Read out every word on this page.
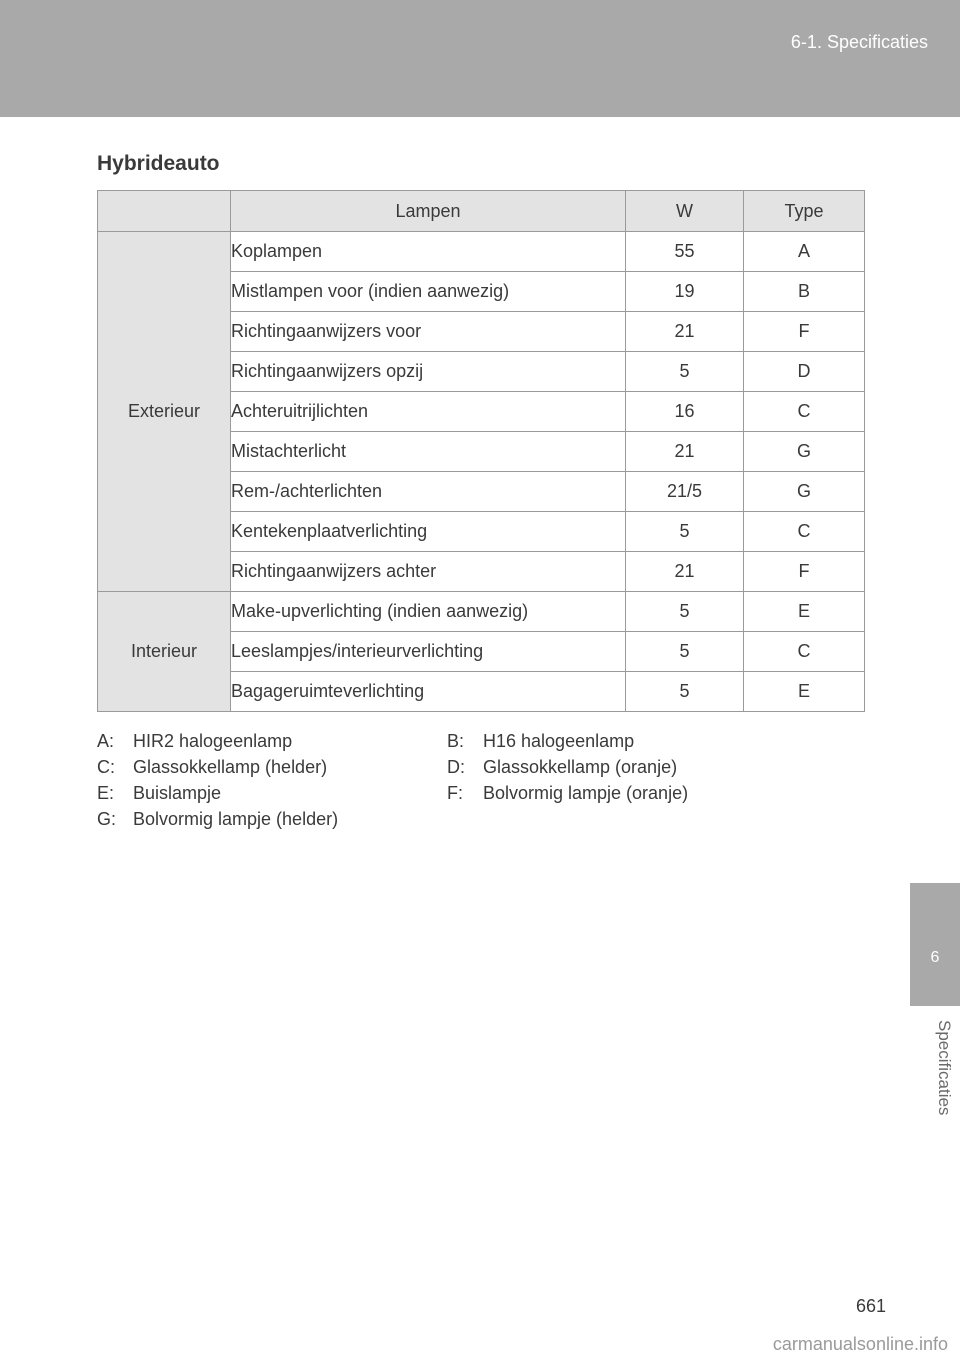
6-1. Specificaties
Hybrideauto
	Lampen	W	Type
Exterieur	Koplampen	55	A
	Mistlampen voor (indien aanwezig)	19	B
	Richtingaanwijzers voor	21	F
	Richtingaanwijzers opzij	5	D
	Achteruitrijlichten	16	C
	Mistachterlicht	21	G
	Rem-/achterlichten	21/5	G
	Kentekenplaatverlichting	5	C
	Richtingaanwijzers achter	21	F
Interieur	Make-upverlichting (indien aanwezig)	5	E
	Leeslampjes/interieurverlichting	5	C
	Bagageruimteverlichting	5	E
A: HIR2 halogeenlamp	B: H16 halogeenlamp
C: Glassokkellamp (helder)	D: Glassokkellamp (oranje)
E: Buislampje	F: Bolvormig lampje (oranje)
G: Bolvormig lampje (helder)
6
Specificaties
661
carmanualsonline.info
